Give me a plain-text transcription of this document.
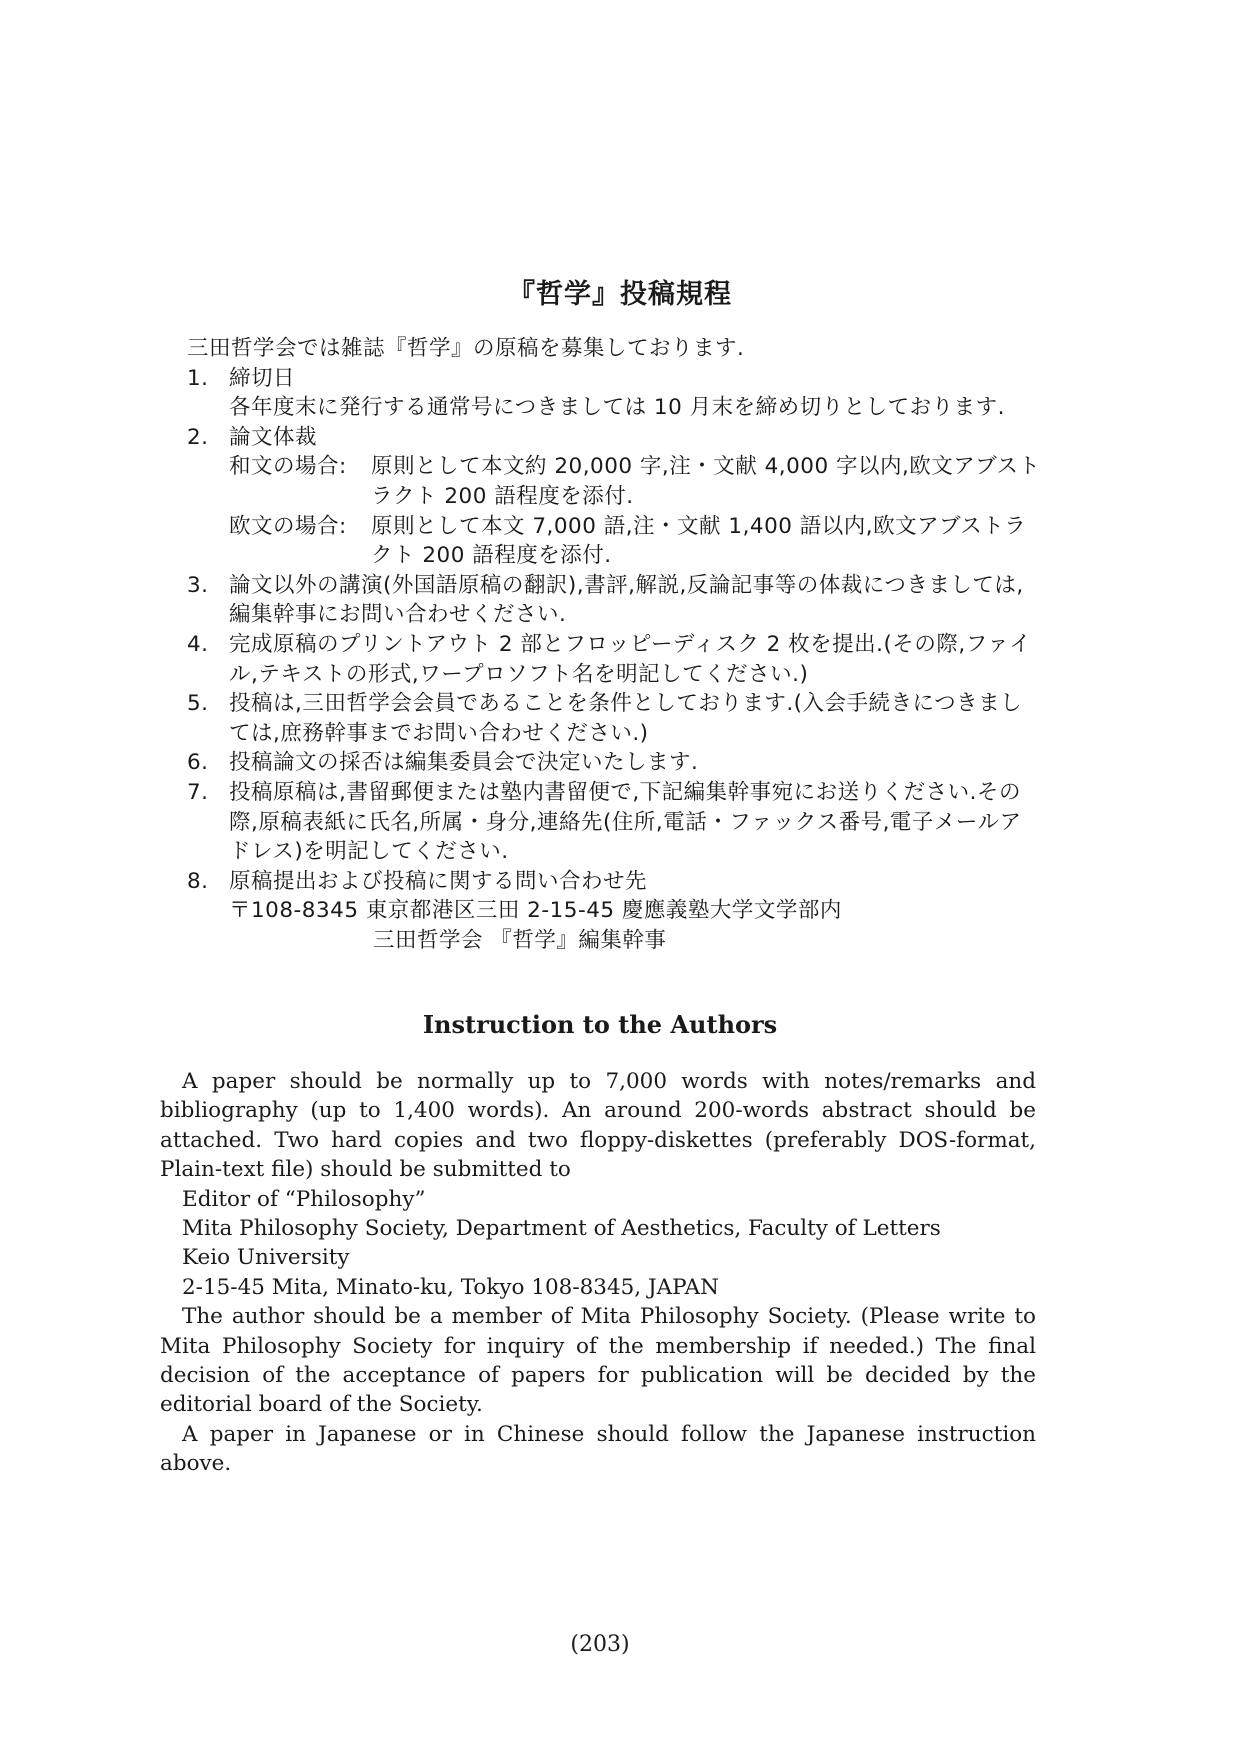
『哲学』投稿規程

三田哲学会では雑誌『哲学』の原稿を募集しております.

1. 締切日

各年度末に発行する通常号につきましては 10 月末を締め切りとしております.

2. 論文体裁
和文の場合:	原則として本文約 20,000 字,注・文献 4,000 字以内,欧文アブストラクト 200 語程度を添付.
欧文の場合:	原則として本文 7,000 語,注・文献 1,400 語以内,欧文アブストラクト 200 語程度を添付.
3. 論文以外の講演(外国語原稿の翻訳),書評,解説,反論記事等の体裁につきましては,編集幹事にお問い合わせください.
4. 完成原稿のプリントアウト 2 部とフロッピーディスク 2 枚を提出.(その際,ファイル,テキストの形式,ワープロソフト名を明記してください.)
5. 投稿は,三田哲学会会員であることを条件としております.(入会手続きにつきましては,庶務幹事までお問い合わせください.)
6. 投稿論文の採否は編集委員会で決定いたします.
7. 投稿原稿は,書留郵便または塾内書留便で,下記編集幹事宛にお送りください.その際,原稿表紙に氏名,所属・身分,連絡先(住所,電話・ファックス番号,電子メールアドレス)を明記してください.
8. 原稿提出および投稿に関する問い合わせ先

〒108-8345 東京都港区三田 2-15-45 慶應義塾大学文学部内

三田哲学会 『哲学』編集幹事

Instruction to the Authors

A paper should be normally up to 7,000 words with notes/remarks and bibliography (up to 1,400 words). An around 200-words abstract should be attached. Two hard copies and two floppy-diskettes (preferably DOS-format, Plain-text file) should be submitted to

Editor of “Philosophy”

Mita Philosophy Society, Department of Aesthetics, Faculty of Letters

Keio University

2-15-45 Mita, Minato-ku, Tokyo 108-8345, JAPAN

The author should be a member of Mita Philosophy Society. (Please write to Mita Philosophy Society for inquiry of the membership if needed.) The final decision of the acceptance of papers for publication will be decided by the editorial board of the Society.

A paper in Japanese or in Chinese should follow the Japanese instruction above.

(203)
